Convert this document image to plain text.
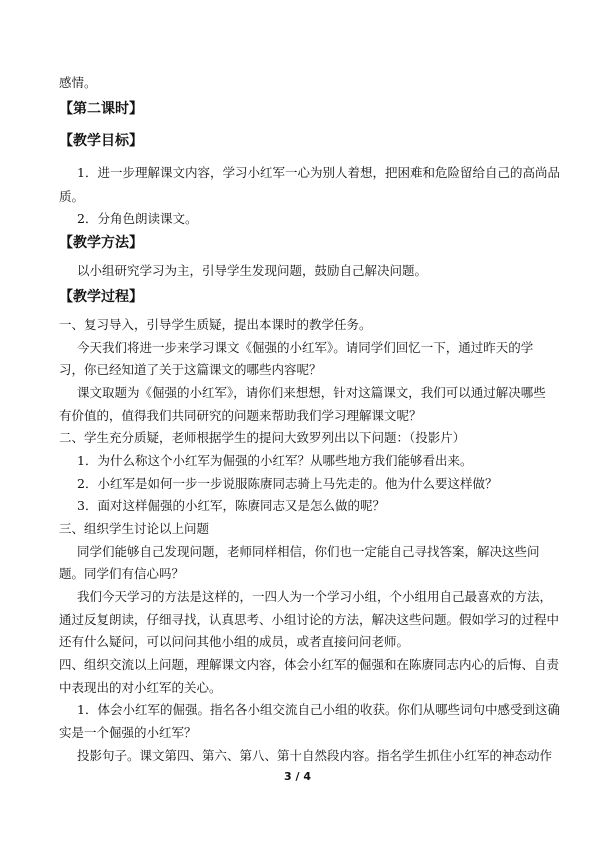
感情。
【第二课时】
【教学目标】
1．进一步理解课文内容，学习小红军一心为别人着想，把困难和危险留给自己的高尚品
质。
2．分角色朗读课文。
【教学方法】
以小组研究学习为主，引导学生发现问题，鼓励自己解决问题。
【教学过程】
一、复习导入，引导学生质疑，提出本课时的教学任务。
今天我们将进一步来学习课文《倔强的小红军》。请同学们回忆一下，通过昨天的学
习，你已经知道了关于这篇课文的哪些内容呢？
课文取题为《倔强的小红军》，请你们来想想，针对这篇课文，我们可以通过解决哪些
有价值的，值得我们共同研究的问题来帮助我们学习理解课文呢？
二、学生充分质疑，老师根据学生的提问大致罗列出以下问题：（投影片）
1．为什么称这个小红军为倔强的小红军？从哪些地方我们能够看出来。
2．小红军是如何一步一步说服陈赓同志骑上马先走的。他为什么要这样做？
3．面对这样倔强的小红军，陈赓同志又是怎么做的呢？
三、组织学生讨论以上问题
同学们能够自己发现问题，老师同样相信，你们也一定能自己寻找答案，解决这些问
题。同学们有信心吗？
我们今天学习的方法是这样的，一四人为一个学习小组，个小组用自己最喜欢的方法，
通过反复朗读，仔细寻找，认真思考、小组讨论的方法，解决这些问题。假如学习的过程中
还有什么疑问，可以问问其他小组的成员，或者直接问问老师。
四、组织交流以上问题，理解课文内容，体会小红军的倔强和在陈赓同志内心的后悔、自责
中表现出的对小红军的关心。
1．体会小红军的倔强。指名各小组交流自己小组的收获。你们从哪些词句中感受到这确
实是一个倔强的小红军？
投影句子。课文第四、第六、第八、第十自然段内容。指名学生抓住小红军的神态动作
3 / 4
